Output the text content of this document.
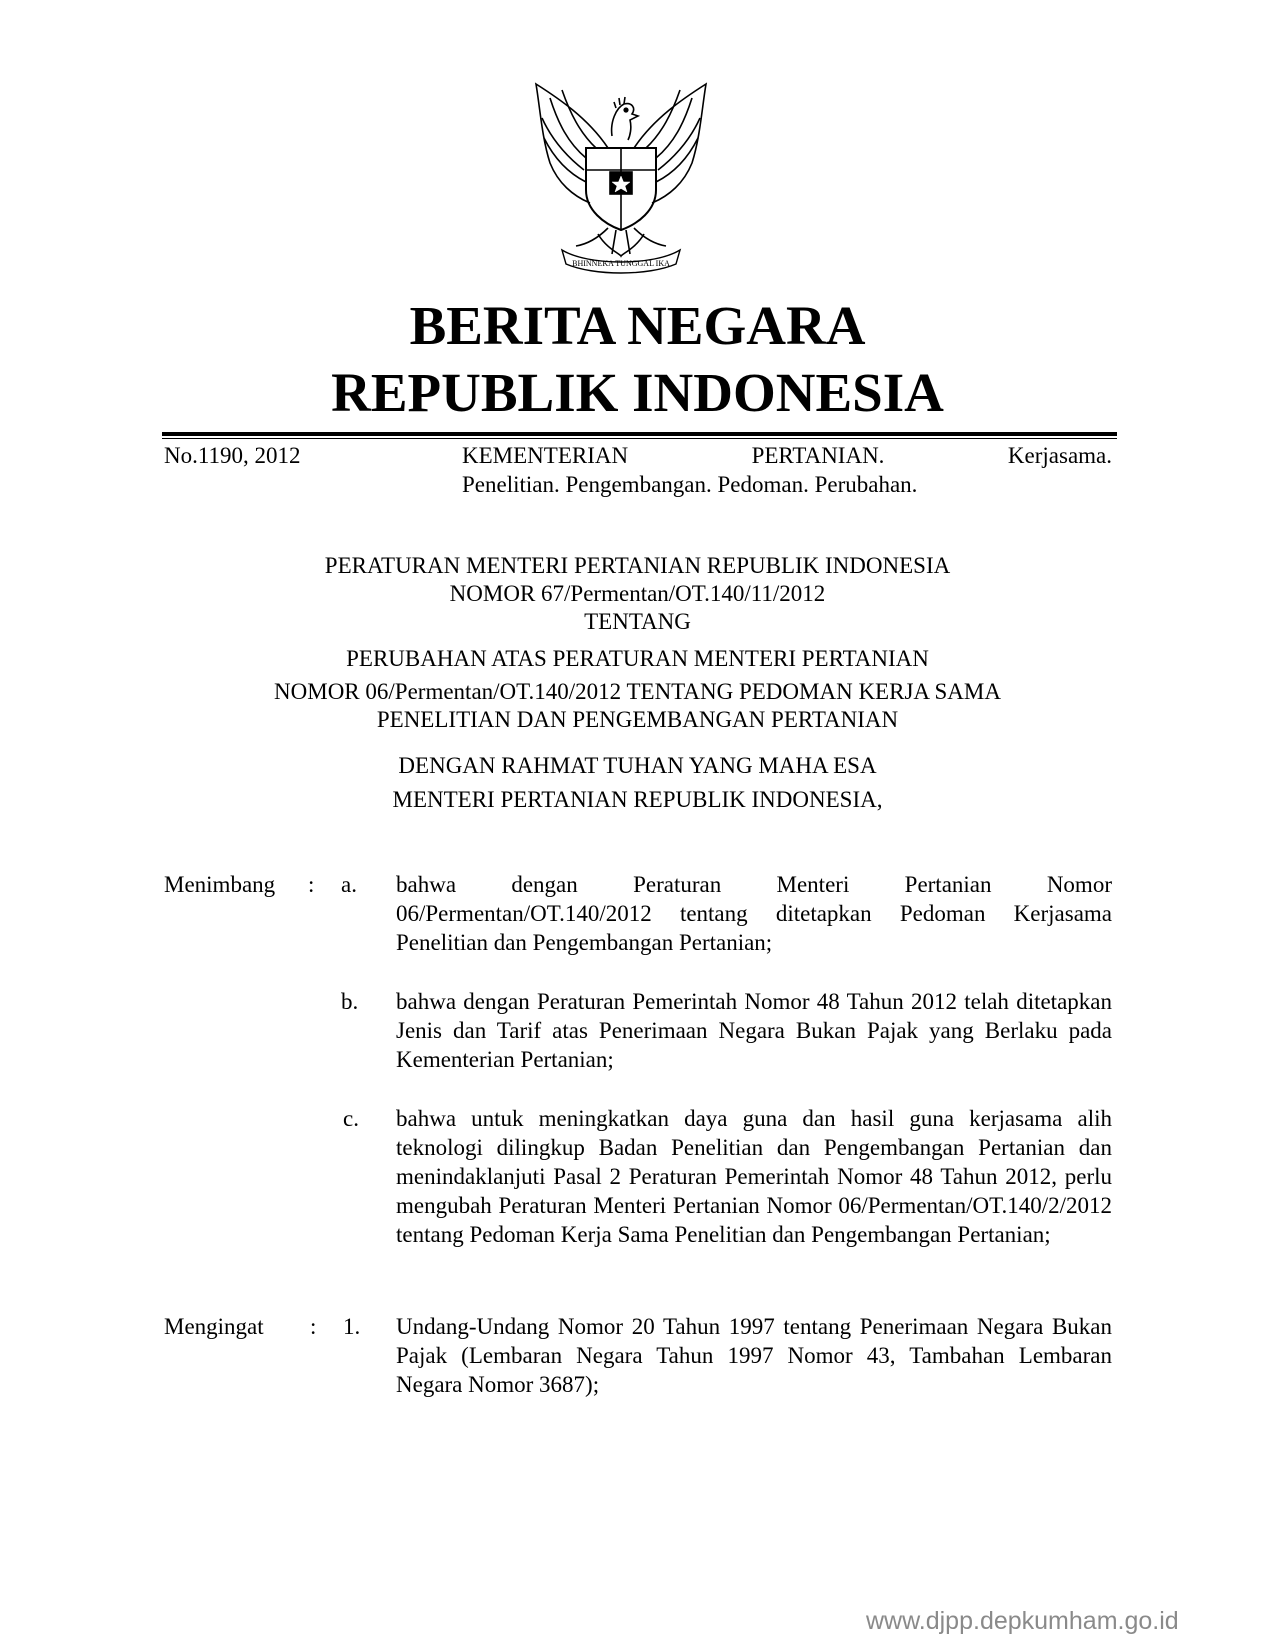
BHINNEKA TUNGGAL IKA
BERITA NEGARA
REPUBLIK INDONESIA
No.1190, 2012	KEMENTERIAN PERTANIAN. Kerjasama.
Penelitian. Pengembangan. Pedoman. Perubahan.
PERATURAN MENTERI PERTANIAN REPUBLIK INDONESIA
NOMOR 67/Permentan/OT.140/11/2012
TENTANG
PERUBAHAN ATAS PERATURAN MENTERI PERTANIAN
NOMOR 06/Permentan/OT.140/2012 TENTANG PEDOMAN KERJA SAMA
PENELITIAN DAN PENGEMBANGAN PERTANIAN
DENGAN RAHMAT TUHAN YANG MAHA ESA
MENTERI PERTANIAN REPUBLIK INDONESIA,
Menimbang : a. bahwa dengan Peraturan Menteri Pertanian Nomor 06/Permentan/OT.140/2012 tentang ditetapkan Pedoman Kerjasama Penelitian dan Pengembangan Pertanian;
b. bahwa dengan Peraturan Pemerintah Nomor 48 Tahun 2012 telah ditetapkan Jenis dan Tarif atas Penerimaan Negara Bukan Pajak yang Berlaku pada Kementerian Pertanian;
c. bahwa untuk meningkatkan daya guna dan hasil guna kerjasama alih teknologi dilingkup Badan Penelitian dan Pengembangan Pertanian dan menindaklanjuti Pasal 2 Peraturan Pemerintah Nomor 48 Tahun 2012, perlu mengubah Peraturan Menteri Pertanian Nomor 06/Permentan/OT.140/2/2012 tentang Pedoman Kerja Sama Penelitian dan Pengembangan Pertanian;
Mengingat : 1. Undang-Undang Nomor 20 Tahun 1997 tentang Penerimaan Negara Bukan Pajak (Lembaran Negara Tahun 1997 Nomor 43, Tambahan Lembaran Negara Nomor 3687);
www.djpp.depkumham.go.id
